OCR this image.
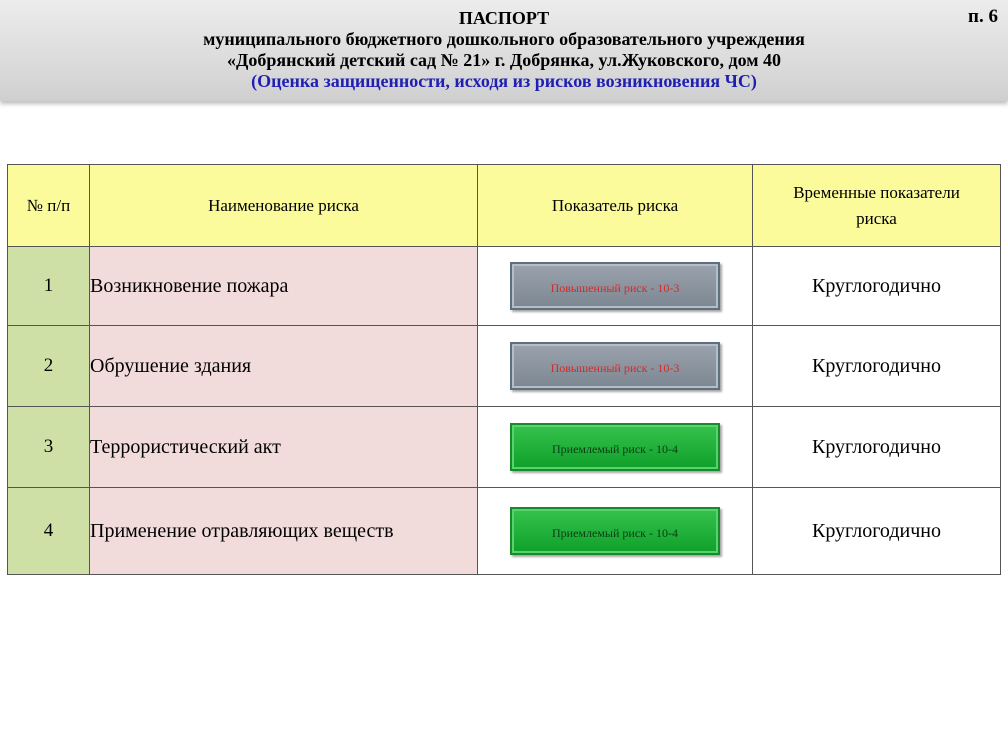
ПАСПОРТ
муниципального бюджетного дошкольного образовательного учреждения
«Добрянский детский сад № 21» г. Добрянка, ул.Жуковского, дом 40
(Оценка защищенности, исходя из рисков возникновения ЧС)
п. 6
№ п/п	Наименование риска	Показатель риска	Временные показатели риска
1	Возникновение пожара	Повышенный риск - 10-3	Круглогодично
2	Обрушение здания	Повышенный риск - 10-3	Круглогодично
3	Террористический акт	Приемлемый риск - 10-4	Круглогодично
4	Применение отравляющих веществ	Приемлемый риск - 10-4	Круглогодично
